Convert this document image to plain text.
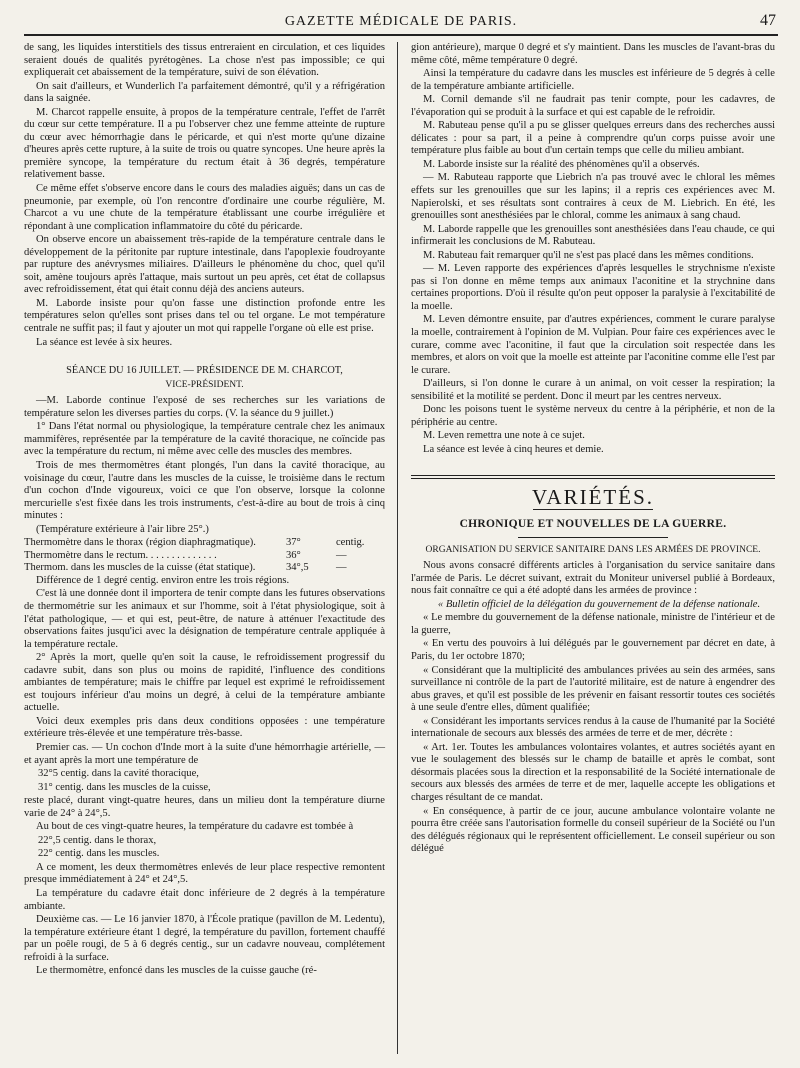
GAZETTE MÉDICALE DE PARIS.	47

de sang, les liquides interstitiels des tissus entreraient en circulation, et ces liquides seraient doués de qualités pyrétogènes. La chose n'est pas impossible; ce qui expliquerait cet abaissement de la température, suivi de son élévation.

On sait d'ailleurs, et Wunderlich l'a parfaitement démontré, qu'il y a réfrigération dans la saignée.

M. Charcot rappelle ensuite, à propos de la température centrale, l'effet de l'arrêt du cœur sur cette température. Il a pu l'observer chez une femme atteinte de rupture du cœur avec hémorrhagie dans le péricarde, et qui n'est morte qu'une dizaine d'heures après cette rupture, à la suite de trois ou quatre syncopes. Une heure après la première syncope, la température du rectum était à 36 degrés, température relativement basse.

Ce même effet s'observe encore dans le cours des maladies aiguës; dans un cas de pneumonie, par exemple, où l'on rencontre d'ordinaire une courbe régulière, M. Charcot a vu une chute de la température établissant une courbe irrégulière et répondant à une complication inflammatoire du côté du péricarde.

On observe encore un abaissement très-rapide de la température centrale dans le développement de la péritonite par rupture intestinale, dans l'apoplexie foudroyante par rupture des anévrysmes miliaires. D'ailleurs le phénomène du choc, quel qu'il soit, amène toujours après l'attaque, mais surtout un peu après, cet état de collapsus avec refroidissement, état qui était connu déjà des anciens auteurs.

M. Laborde insiste pour qu'on fasse une distinction profonde entre les températures selon qu'elles sont prises dans tel ou tel organe. Le mot température centrale ne suffit pas; il faut y ajouter un mot qui rappelle l'organe où elle est prise.

La séance est levée à six heures.

SÉANCE DU 16 JUILLET. — PRÉSIDENCE DE M. CHARCOT,

VICE-PRÉSIDENT.

—M. Laborde continue l'exposé de ses recherches sur les variations de température selon les diverses parties du corps. (V. la séance du 9 juillet.)

1° Dans l'état normal ou physiologique, la température centrale chez les animaux mammifères, représentée par la température de la cavité thoracique, ne coïncide pas avec la température du rectum, ni même avec celle des muscles des membres.

Trois de mes thermomètres étant plongés, l'un dans la cavité thoracique, au voisinage du cœur, l'autre dans les muscles de la cuisse, le troisième dans le rectum d'un cochon d'Inde vigoureux, voici ce que l'on observe, lorsque la colonne mercurielle s'est fixée dans les trois instruments, c'est-à-dire au bout de trois à cinq minutes :

(Température extérieure à l'air libre 25°.)

Thermomètre dans le thorax (région diaphragmatique).	37°	centig.
Thermomètre dans le rectum. . . . . . . . . . . . . .	36°	—
Thermom. dans les muscles de la cuisse (état statique).	34°,5	—

Différence de 1 degré centig. environ entre les trois régions.

C'est là une donnée dont il importera de tenir compte dans les futures observations de thermométrie sur les animaux et sur l'homme, soit à l'état physiologique, soit à l'état pathologique, — et qui est, peut-être, de nature à atténuer l'exactitude des observations faites jusqu'ici avec la désignation de température centrale appliquée à la température rectale.

2° Après la mort, quelle qu'en soit la cause, le refroidissement progressif du cadavre subit, dans son plus ou moins de rapidité, l'influence des conditions ambiantes de température; mais le chiffre par lequel est exprimé le refroidissement est toujours inférieur d'au moins un degré, à celui de la température ambiante actuelle.

Voici deux exemples pris dans deux conditions opposées : une température extérieure très-élevée et une température très-basse.

Premier cas. — Un cochon d'Inde mort à la suite d'une hémorrhagie artérielle, — et ayant après la mort une température de

32°5 centig. dans la cavité thoracique,

31° centig. dans les muscles de la cuisse,

reste placé, durant vingt-quatre heures, dans un milieu dont la température diurne varie de 24° à 24°,5.

Au bout de ces vingt-quatre heures, la température du cadavre est tombée à

22°,5 centig. dans le thorax,

22° centig. dans les muscles.

A ce moment, les deux thermomètres enlevés de leur place respective remontent presque immédiatement à 24° et 24°,5.

La température du cadavre était donc inférieure de 2 degrés à la température ambiante.

Deuxième cas. — Le 16 janvier 1870, à l'École pratique (pavillon de M. Ledentu), la température extérieure étant 1 degré, la température du pavillon, fortement chauffé par un poêle rougi, de 5 à 6 degrés centig., sur un cadavre nouveau, complétement refroidi à la surface.

Le thermomètre, enfoncé dans les muscles de la cuisse gauche (ré-

gion antérieure), marque 0 degré et s'y maintient. Dans les muscles de l'avant-bras du même côté, même température 0 degré.

Ainsi la température du cadavre dans les muscles est inférieure de 5 degrés à celle de la température ambiante artificielle.

M. Cornil demande s'il ne faudrait pas tenir compte, pour les cadavres, de l'évaporation qui se produit à la surface et qui est capable de le refroidir.

M. Rabuteau pense qu'il a pu se glisser quelques erreurs dans des recherches aussi délicates : pour sa part, il a peine à comprendre qu'un corps puisse avoir une température plus faible au bout d'un certain temps que celle du milieu ambiant.

M. Laborde insiste sur la réalité des phénomènes qu'il a observés.

— M. Rabuteau rapporte que Liebrich n'a pas trouvé avec le chloral les mêmes effets sur les grenouilles que sur les lapins; il a repris ces expériences avec M. Napierolski, et ses résultats sont contraires à ceux de M. Liebrich. En été, les grenouilles sont anesthésiées par le chloral, comme les animaux à sang chaud.

M. Laborde rappelle que les grenouilles sont anesthésiées dans l'eau chaude, ce qui infirmerait les conclusions de M. Rabuteau.

M. Rabuteau fait remarquer qu'il ne s'est pas placé dans les mêmes conditions.

— M. Leven rapporte des expériences d'après lesquelles le strychnisme n'existe pas si l'on donne en même temps aux animaux l'aconitine et la strychnine dans certaines proportions. D'où il résulte qu'on peut opposer la paralysie à l'excitabilité de la moelle.

M. Leven démontre ensuite, par d'autres expériences, comment le curare paralyse la moelle, contrairement à l'opinion de M. Vulpian. Pour faire ces expériences avec le curare, comme avec l'aconitine, il faut que la circulation soit respectée dans les membres, et alors on voit que la moelle est atteinte par l'aconitine comme elle l'est par le curare.

D'ailleurs, si l'on donne le curare à un animal, on voit cesser la respiration; la sensibilité et la motilité se perdent. Donc il meurt par les centres nerveux.

Donc les poisons tuent le système nerveux du centre à la périphérie, et non de la périphérie au centre.

M. Leven remettra une note à ce sujet.

La séance est levée à cinq heures et demie.

VARIÉTÉS.
CHRONIQUE ET NOUVELLES DE LA GUERRE.
ORGANISATION DU SERVICE SANITAIRE DANS LES ARMÉES DE PROVINCE.

Nous avons consacré différents articles à l'organisation du service sanitaire dans l'armée de Paris. Le décret suivant, extrait du Moniteur universel publié à Bordeaux, nous fait connaître ce qui a été adopté dans les armées de province :

« Bulletin officiel de la délégation du gouvernement de la défense nationale.

« Le membre du gouvernement de la défense nationale, ministre de l'intérieur et de la guerre,

« En vertu des pouvoirs à lui délégués par le gouvernement par décret en date, à Paris, du 1er octobre 1870;

« Considérant que la multiplicité des ambulances privées au sein des armées, sans surveillance ni contrôle de la part de l'autorité militaire, est de nature à engendrer des abus graves, et qu'il est possible de les prévenir en faisant ressortir toutes ces sociétés à une seule d'entre elles, dûment qualifiée;

« Considérant les importants services rendus à la cause de l'humanité par la Société internationale de secours aux blessés des armées de terre et de mer, décrète :

« Art. 1er. Toutes les ambulances volontaires volantes, et autres sociétés ayant en vue le soulagement des blessés sur le champ de bataille et après le combat, sont désormais placées sous la direction et la responsabilité de la Société internationale de secours aux blessés des armées de terre et de mer, laquelle accepte les obligations et charges résultant de ce mandat.

« En conséquence, à partir de ce jour, aucune ambulance volontaire volante ne pourra être créée sans l'autorisation formelle du conseil supérieur de la Société ou l'un des délégués régionaux qui le représentent officiellement. Le conseil supérieur ou son délégué
